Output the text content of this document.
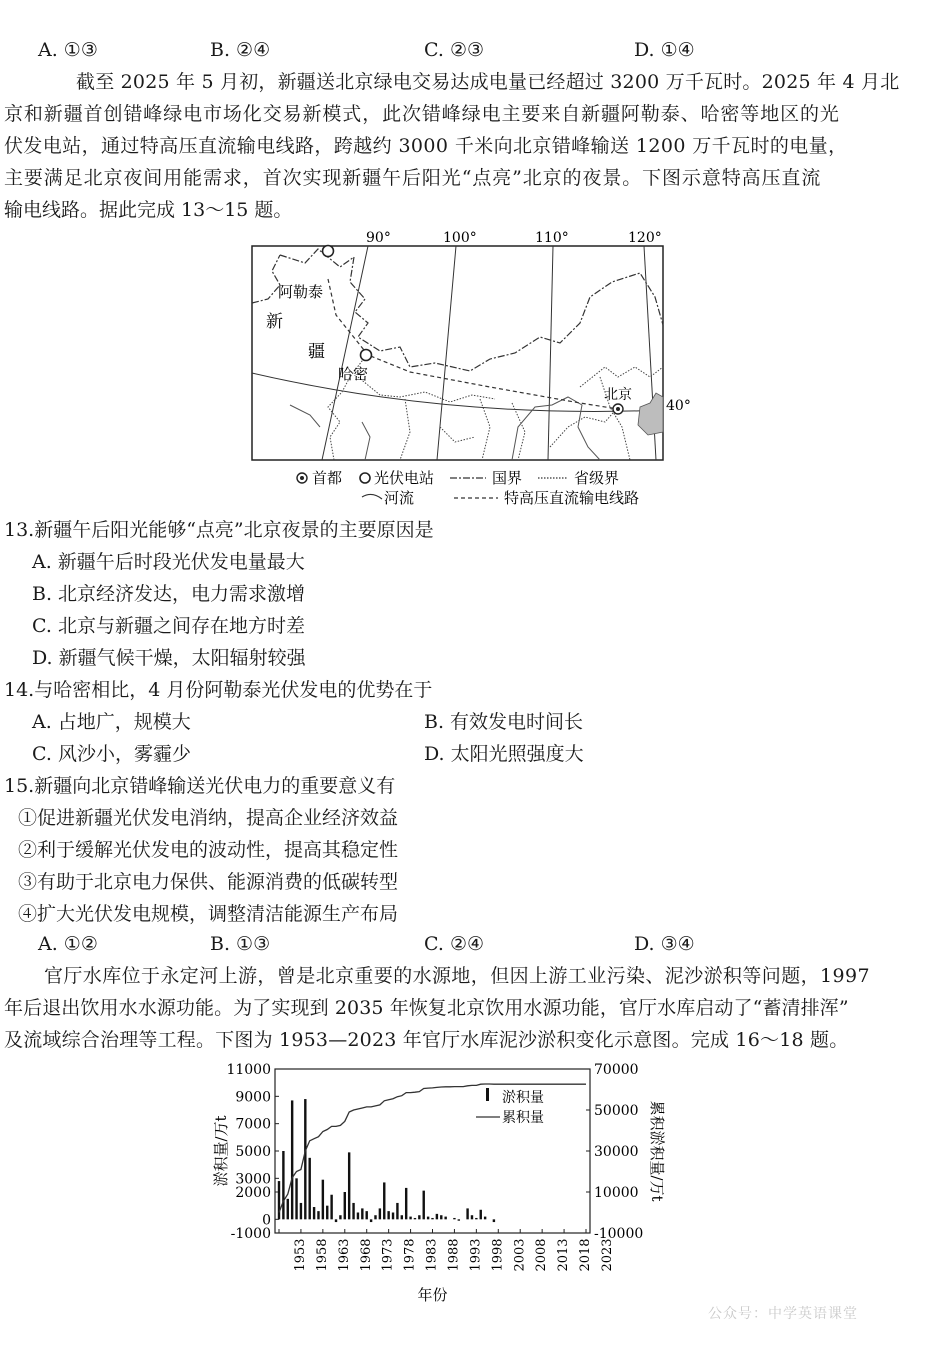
A. ①③	B. ②④	C. ②③	D. ①④
截至 2025 年 5 月初，新疆送北京绿电交易达成电量已经超过 3200 万千瓦时。2025 年 4 月北
京和新疆首创错峰绿电市场化交易新模式，此次错峰绿电主要来自新疆阿勒泰、哈密等地区的光
伏发电站，通过特高压直流输电线路，跨越约 3000 千米向北京错峰输送 1200 万千瓦时的电量，
主要满足北京夜间用能需求，首次实现新疆午后阳光“点亮”北京的夜景。下图示意特高压直流
输电线路。据此完成 13～15 题。
90°	100°	110°	120°
40°
阿勒泰
哈密
北京
新
疆
首都 光伏电站	国界	省级界
河流	特高压直流输电线路
13.新疆午后阳光能够“点亮”北京夜景的主要原因是
A. 新疆午后时段光伏发电量最大
B. 北京经济发达，电力需求激增
C. 北京与新疆之间存在地方时差
D. 新疆气候干燥，太阳辐射较强
14.与哈密相比，4 月份阿勒泰光伏发电的优势在于
A. 占地广，规模大	B. 有效发电时间长
C. 风沙小，雾霾少	D. 太阳光照强度大
15.新疆向北京错峰输送光伏电力的重要意义有
①促进新疆光伏发电消纳，提高企业经济效益
②利于缓解光伏发电的波动性，提高其稳定性
③有助于北京电力保供、能源消费的低碳转型
④扩大光伏发电规模，调整清洁能源生产布局
A. ①②	B. ①③	C. ②④	D. ③④
官厅水库位于永定河上游，曾是北京重要的水源地，但因上游工业污染、泥沙淤积等问题，1997
年后退出饮用水水源功能。为了实现到 2035 年恢复北京饮用水源功能，官厅水库启动了“蓄清排浑”
及流域综合治理等工程。下图为 1953—2023 年官厅水库泥沙淤积变化示意图。完成 16～18 题。
11000
9000
7000
5000
3000
2000
0
-1000
70000
50000
30000
10000
-10000
1953 1958 1963 1968 1973 1978 1983 1988 1993 1998 2003 2008 2013 2018 2023
淤积量
累积量
淤积量/万t	累积淤积量/万t
年份
公众号：中学英语课堂
